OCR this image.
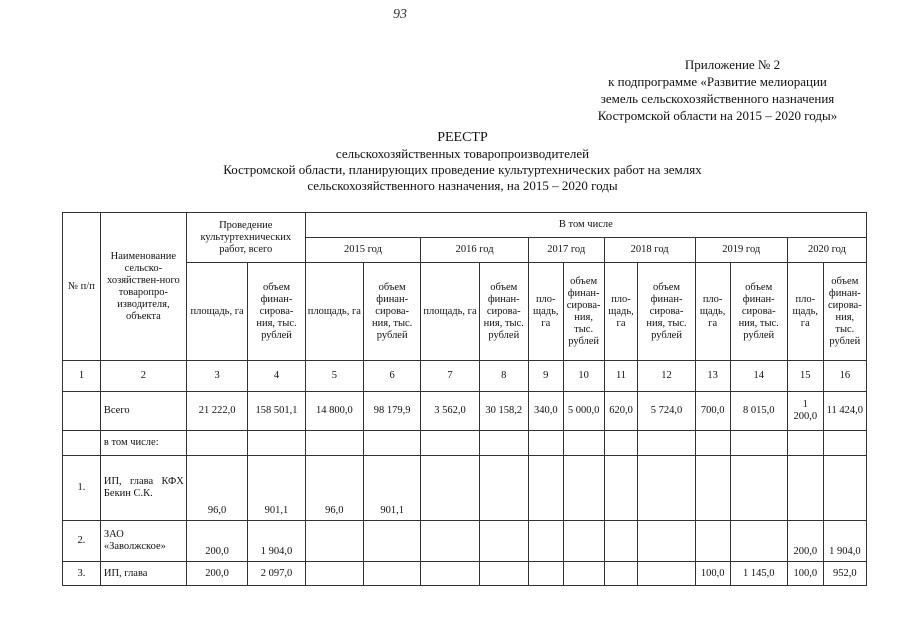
93
Приложение № 2
к подпрограмме «Развитие мелиорации
земель сельскохозяйственного назначения
Костромской области на 2015 – 2020 годы»
РЕЕСТР
сельскохозяйственных товаропроизводителей
Костромской области, планирующих проведение культуртехнических работ на землях
сельскохозяйственного назначения, на 2015 – 2020 годы
№ п/п	Наименование сельско-хозяйствен-ного товаропро-изводителя, объекта	Проведение культуртехнических работ, всего		В том числе											
				2015 год		2016 год		2017 год		2018 год		2019 год		2020 год	
		площадь, га	объем финан-сирова-ния, тыс. рублей	площадь, га	объем финан-сирова-ния, тыс. рублей	площадь, га	объем финан-сирова-ния, тыс. рублей	пло-щадь, га	объем финан-сирова-ния, тыс. рублей	пло-щадь, га	объем финан-сирова-ния, тыс. рублей	пло-щадь, га	объем финан-сирова-ния, тыс. рублей	пло-щадь, га	объем финан-сирова-ния, тыс. рублей
1	2	3	4	5	6	7	8	9	10	11	12	13	14	15	16
	Всего	21 222,0	158 501,1	14 800,0	98 179,9	3 562,0	30 158,2	340,0	5 000,0	620,0	5 724,0	700,0	8 015,0	1 200,0	11 424,0
	в том числе:														
1.	ИП, глава КФХ Бекин С.К.	96,0	901,1	96,0	901,1										
2.	ЗАО «Заволжское»	200,0	1 904,0											200,0	1 904,0
3.	ИП, глава	200,0	2 097,0									100,0	1 145,0	100,0	952,0
